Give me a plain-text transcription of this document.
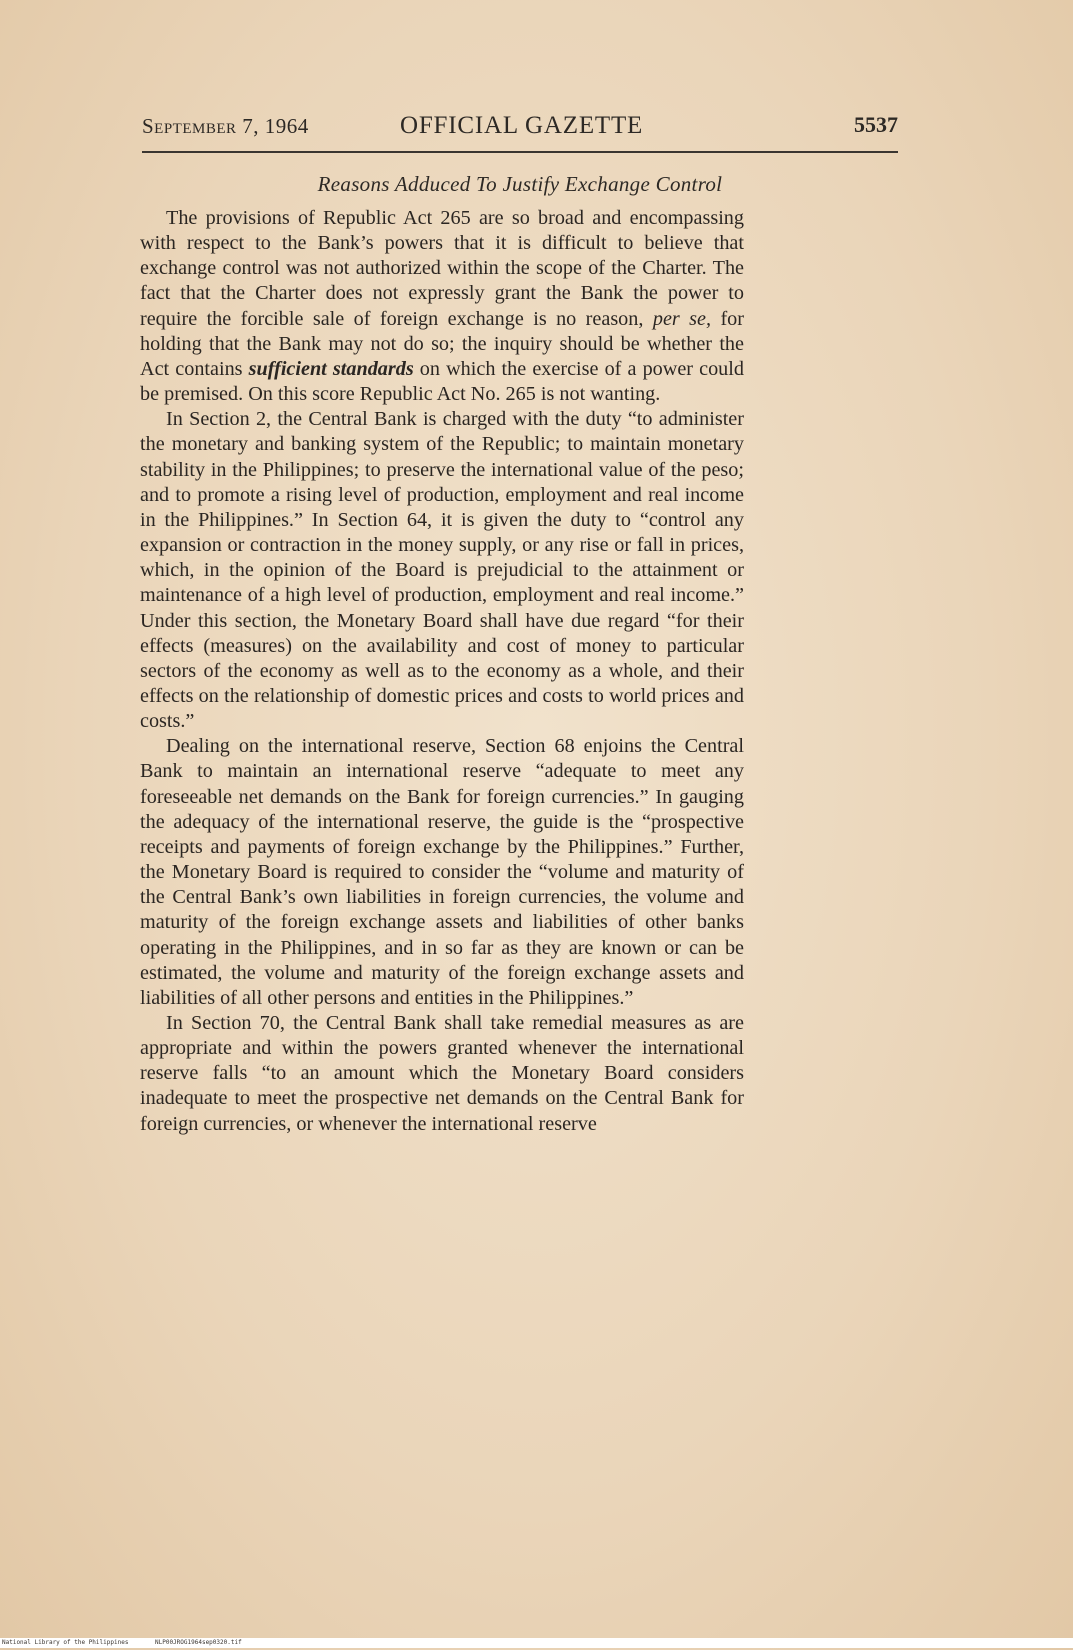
September 7, 1964	OFFICIAL GAZETTE	5537
Reasons Adduced To Justify Exchange Control

The provisions of Republic Act 265 are so broad and encompassing with respect to the Bank’s powers that it is difficult to believe that exchange control was not authorized within the scope of the Charter. The fact that the Charter does not expressly grant the Bank the power to require the forcible sale of foreign exchange is no reason, per se, for holding that the Bank may not do so; the inquiry should be whether the Act contains sufficient standards on which the exercise of a power could be premised. On this score Republic Act No. 265 is not wanting.

In Section 2, the Central Bank is charged with the duty “to administer the monetary and banking system of the Republic; to maintain monetary stability in the Philippines; to preserve the international value of the peso; and to promote a rising level of production, employment and real income in the Philippines.” In Section 64, it is given the duty to “control any expansion or contraction in the money supply, or any rise or fall in prices, which, in the opinion of the Board is prejudicial to the attainment or maintenance of a high level of production, employment and real income.” Under this section, the Monetary Board shall have due regard “for their effects (measures) on the availability and cost of money to particular sectors of the economy as well as to the economy as a whole, and their effects on the relationship of domestic prices and costs to world prices and costs.”

Dealing on the international reserve, Section 68 enjoins the Central Bank to maintain an international reserve “adequate to meet any foreseeable net demands on the Bank for foreign currencies.” In gauging the adequacy of the international reserve, the guide is the “prospective receipts and payments of foreign exchange by the Philippines.” Further, the Monetary Board is required to consider the “volume and maturity of the Central Bank’s own liabilities in foreign currencies, the volume and maturity of the foreign exchange assets and liabilities of other banks operating in the Philippines, and in so far as they are known or can be estimated, the volume and maturity of the foreign exchange assets and liabilities of all other persons and entities in the Philippines.”

In Section 70, the Central Bank shall take remedial measures as are appropriate and within the powers granted whenever the international reserve falls “to an amount which the Monetary Board considers inadequate to meet the prospective net demands on the Central Bank for foreign currencies, or whenever the international reserve

National Library of the Philippines	NLP00JROG1964sep0320.tif
